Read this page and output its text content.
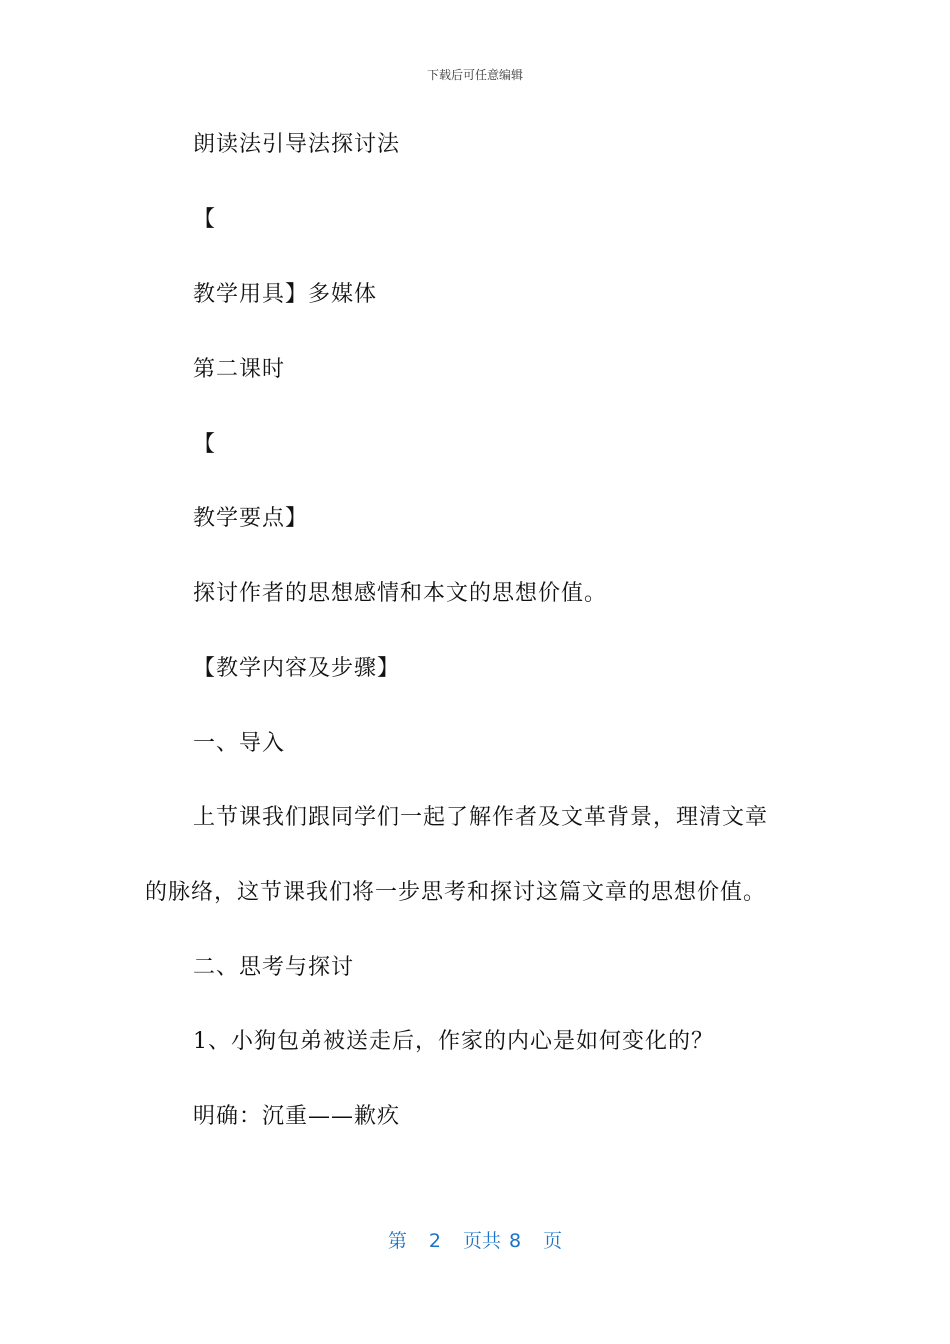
下载后可任意编辑
朗读法引导法探讨法
【
教学用具】多媒体
第二课时
【
教学要点】
探讨作者的思想感情和本文的思想价值。
【教学内容及步骤】
一、导入
上节课我们跟同学们一起了解作者及文革背景，理清文章
的脉络，这节课我们将一步思考和探讨这篇文章的思想价值。
二、思考与探讨
1、小狗包弟被送走后，作家的内心是如何变化的？
明确：沉重——歉疚
第 2 页共 8 页
